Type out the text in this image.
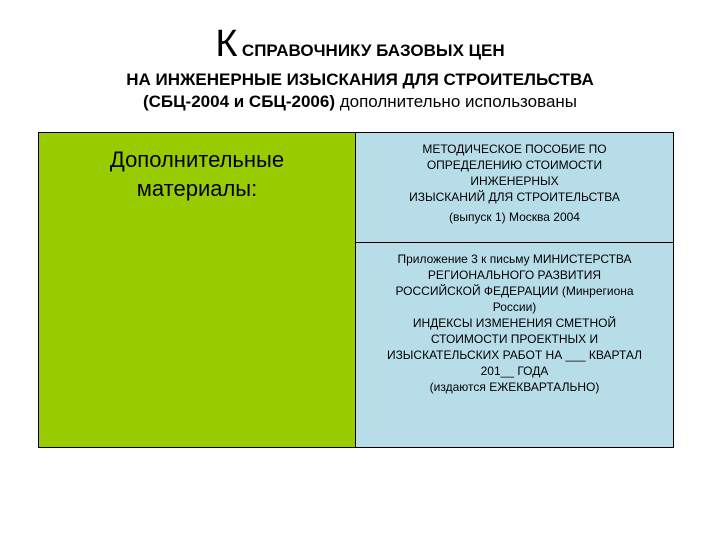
К СПРАВОЧНИКУ БАЗОВЫХ ЦЕН
НА ИНЖЕНЕРНЫЕ ИЗЫСКАНИЯ ДЛЯ СТРОИТЕЛЬСТВА
(СБЦ-2004 и СБЦ-2006) дополнительно использованы
Дополнительные
материалы:
МЕТОДИЧЕСКОЕ ПОСОБИЕ ПО
ОПРЕДЕЛЕНИЮ СТОИМОСТИ
ИНЖЕНЕРНЫХ
ИЗЫСКАНИЙ ДЛЯ СТРОИТЕЛЬСТВА
(выпуск 1) Москва 2004
Приложение 3 к письму МИНИСТЕРСТВА
РЕГИОНАЛЬНОГО РАЗВИТИЯ
РОССИЙСКОЙ ФЕДЕРАЦИИ (Минрегиона
России)
ИНДЕКСЫ ИЗМЕНЕНИЯ СМЕТНОЙ
СТОИМОСТИ ПРОЕКТНЫХ И
ИЗЫСКАТЕЛЬСКИХ РАБОТ НА ___ КВАРТАЛ
201__ ГОДА
(издаются ЕЖЕКВАРТАЛЬНО)
